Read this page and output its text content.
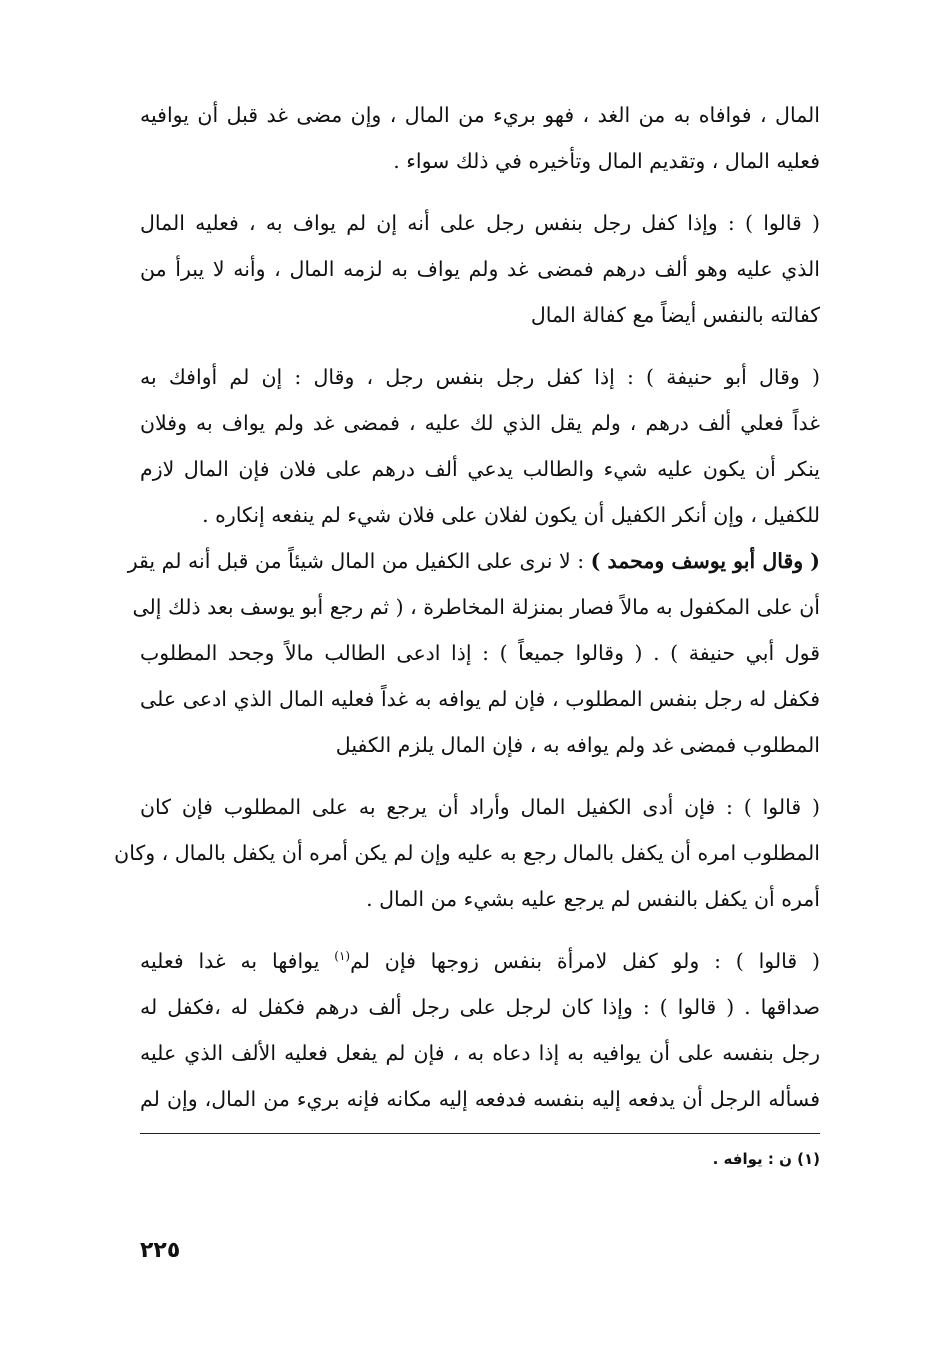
المال ، فوافاه به من الغد ، فهو بريء من المال ، وإن مضى غد قبل أن يوافيه
فعليه المال ، وتقديم المال وتأخيره في ذلك سواء .

( قالوا ) : وإذا كفل رجل بنفس رجل على أنه إن لم يواف به ، فعليه المال
الذي عليه وهو ألف درهم فمضى غد ولم يواف به لزمه المال ، وأنه لا يبرأ من
كفالته بالنفس أيضاً مع كفالة المال

( وقال أبو حنيفة ) : إذا كفل رجل بنفس رجل ، وقال : إن لم أوافك به
غداً فعلي ألف درهم ، ولم يقل الذي لك عليه ، فمضى غد ولم يواف به وفلان
ينكر أن يكون عليه شيء والطالب يدعي ألف درهم على فلان فإن المال لازم
للكفيل ، وإن أنكر الكفيل أن يكون لفلان على فلان شيء لم ينفعه إنكاره .
( وقال أبو يوسف ومحمد ) : لا نرى على الكفيل من المال شيئاً من قبل أنه لم يقر
أن على المكفول به مالاً فصار بمنزلة المخاطرة ، ( ثم رجع أبو يوسف بعد ذلك إلى
قول أبي حنيفة ) . ( وقالوا جميعاً ) : إذا ادعى الطالب مالاً وجحد المطلوب
فكفل له رجل بنفس المطلوب ، فإن لم يوافه به غداً فعليه المال الذي ادعى على
المطلوب فمضى غد ولم يوافه به ، فإن المال يلزم الكفيل

( قالوا ) : فإن أدى الكفيل المال وأراد أن يرجع به على المطلوب فإن كان
المطلوب امره أن يكفل بالمال رجع به عليه وإن لم يكن أمره أن يكفل بالمال ، وكان
أمره أن يكفل بالنفس لم يرجع عليه بشيء من المال .

( قالوا ) : ولو كفل لامرأة بنفس زوجها فإن لم$^{(١)}$ يوافها به غدا فعليه
صداقها . ( قالوا ) : وإذا كان لرجل على رجل ألف درهم فكفل له ،فكفل له
رجل بنفسه على أن يوافيه به إذا دعاه به ، فإن لم يفعل فعليه الألف الذي عليه
فسأله الرجل أن يدفعه إليه بنفسه فدفعه إليه مكانه فإنه بريء من المال، وإن لم

(١) ن : يوافه .
٢٢٥
